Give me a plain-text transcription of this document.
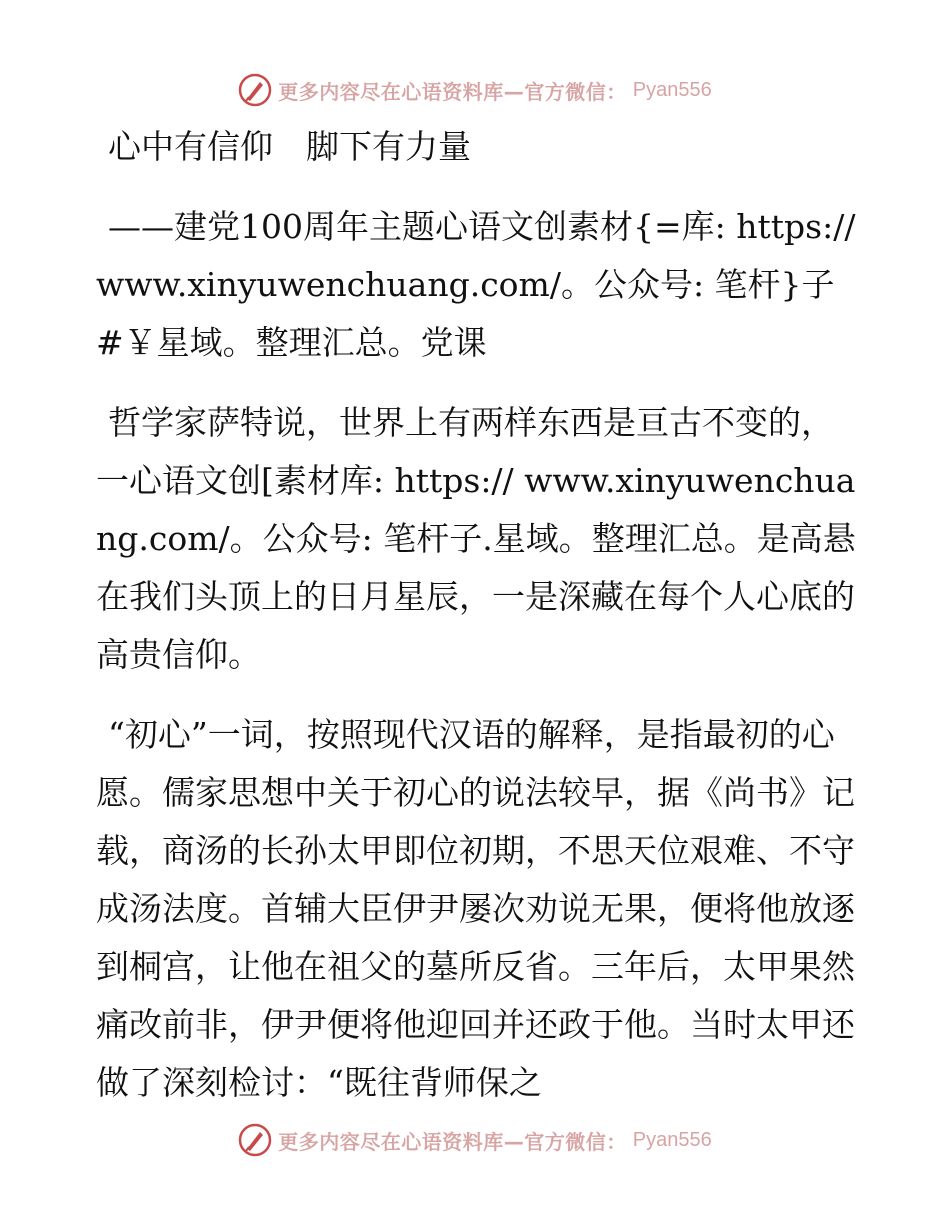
更多内容尽在心语资料库—官方微信： Pyan556

心中有信仰　脚下有力量

——建党100周年主题心语文创素材{=库: https://www.xinyuwenchuang.com/。公众号: 笔杆}子#￥星域。整理汇总。党课

哲学家萨特说，世界上有两样东西是亘古不变的，一心语文创[素材库: https:// www.xinyuwenchuang.com/。公众号: 笔杆子.星域。整理汇总。是高悬在我们头顶上的日月星辰，一是深藏在每个人心底的高贵信仰。

“初心”一词，按照现代汉语的解释，是指最初的心愿。儒家思想中关于初心的说法较早，据《尚书》记载，商汤的长孙太甲即位初期，不思天位艰难、不守成汤法度。首辅大臣伊尹屡次劝说无果，便将他放逐到桐宫，让他在祖父的墓所反省。三年后，太甲果然痛改前非，伊尹便将他迎回并还政于他。当时太甲还做了深刻检讨：“既往背师保之

更多内容尽在心语资料库—官方微信： Pyan556
